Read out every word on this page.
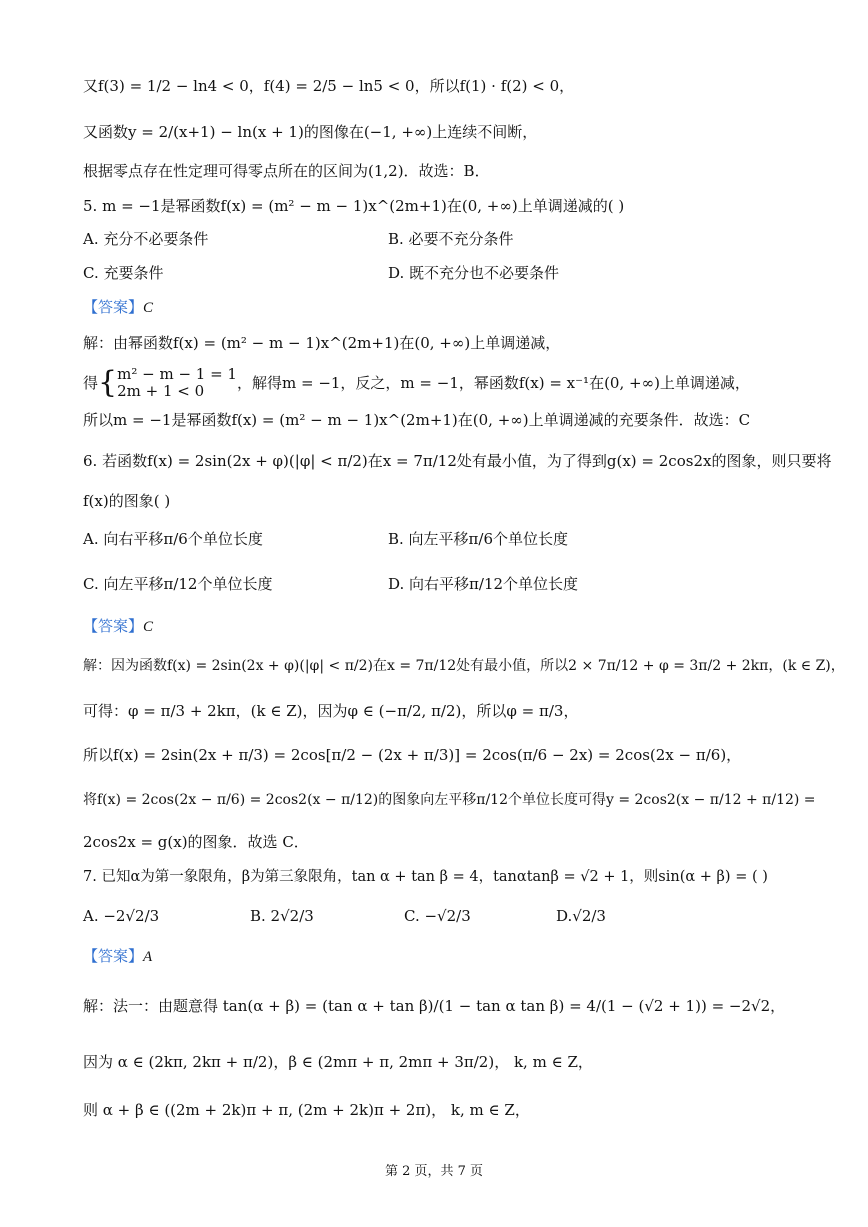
又f(3) = 1/2 − ln4 < 0，f(4) = 2/5 − ln5 < 0，所以f(1) · f(2) < 0，
又函数y = 2/(x+1) − ln(x + 1)的图像在(−1, +∞)上连续不间断，
根据零点存在性定理可得零点所在的区间为(1,2)．故选：B．
5. m = −1是幂函数f(x) = (m² − m − 1)x^(2m+1)在(0, +∞)上单调递减的( )
A. 充分不必要条件	B. 必要不充分条件
C. 充要条件	D. 既不充分也不必要条件
【答案】C
解：由幂函数f(x) = (m² − m − 1)x^(2m+1)在(0, +∞)上单调递减，
得{ m² − m − 1 = 1
2m + 1 < 0	，解得m = −1，反之，m = −1，幂函数f(x) = x⁻¹在(0, +∞)上单调递减，
所以m = −1是幂函数f(x) = (m² − m − 1)x^(2m+1)在(0, +∞)上单调递减的充要条件．故选：C
6. 若函数f(x) = 2sin(2x + φ)(|φ| < π/2)在x = 7π/12处有最小值，为了得到g(x) = 2cos2x的图象，则只要将
f(x)的图象( )
A. 向右平移π/6个单位长度	B. 向左平移π/6个单位长度
C. 向左平移π/12个单位长度	D. 向右平移π/12个单位长度
【答案】C
解：因为函数f(x) = 2sin(2x + φ)(|φ| < π/2)在x = 7π/12处有最小值，所以2 × 7π/12 + φ = 3π/2 + 2kπ，(k ∈ Z)，
可得：φ = π/3 + 2kπ，(k ∈ Z)，因为φ ∈ (−π/2, π/2)，所以φ = π/3，
所以f(x) = 2sin(2x + π/3) = 2cos[π/2 − (2x + π/3)] = 2cos(π/6 − 2x) = 2cos(2x − π/6)，
将f(x) = 2cos(2x − π/6) = 2cos2(x − π/12)的图象向左平移π/12个单位长度可得y = 2cos2(x − π/12 + π/12) =
2cos2x = g(x)的图象．故选 C．
7. 已知α为第一象限角，β为第三象限角，tan α + tan β = 4，tanαtanβ = √2 + 1，则sin(α + β) = ( )
A. −2√2/3	B. 2√2/3	C. −√2/3	D.√2/3
【答案】A
解：法一：由题意得 tan(α + β) = (tan α + tan β)/(1 − tan α tan β) = 4/(1 − (√2 + 1)) = −2√2，
因为 α ∈ (2kπ, 2kπ + π/2)，β ∈ (2mπ + π, 2mπ + 3π/2)， k, m ∈ Z，
则 α + β ∈ ((2m + 2k)π + π, (2m + 2k)π + 2π)， k, m ∈ Z，
第 2 页，共 7 页
